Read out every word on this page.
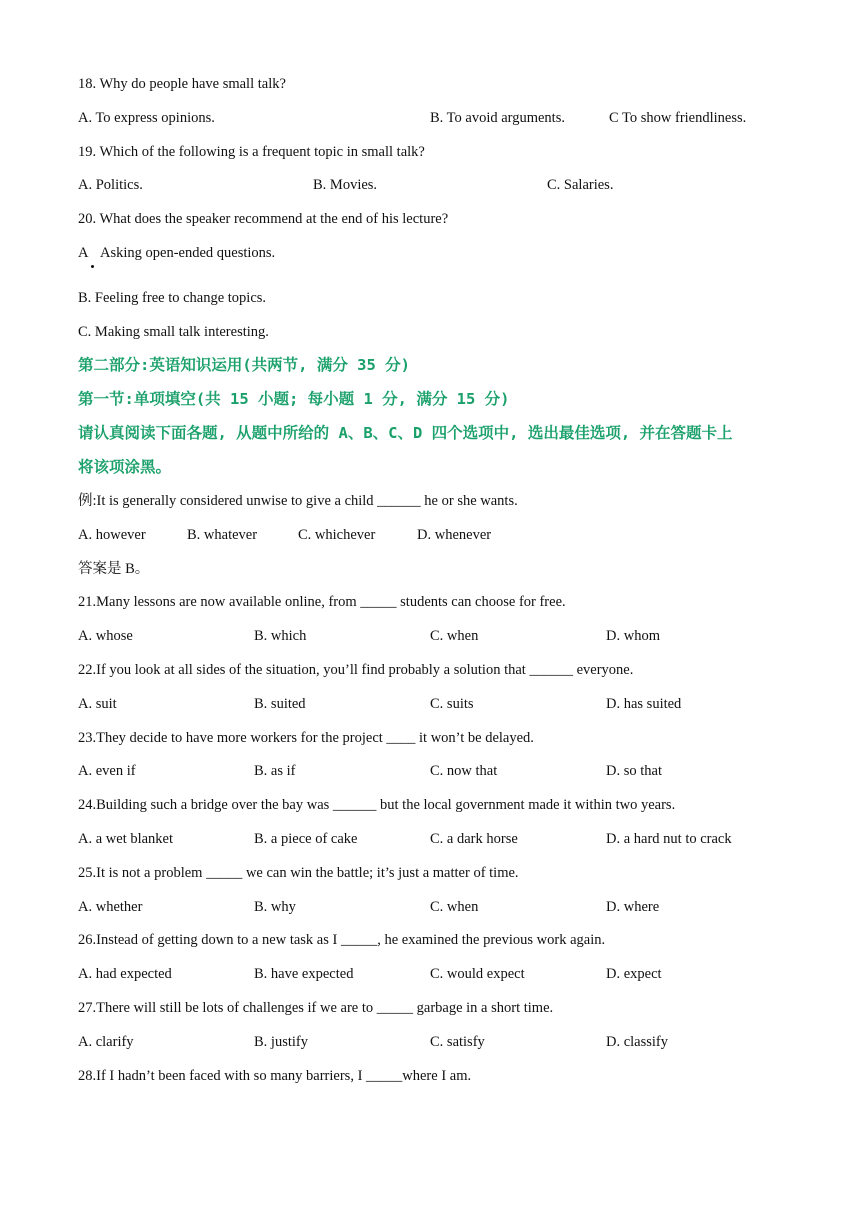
18. Why do people have small talk?
A. To express opinions.	B. To avoid arguments.	C To show friendliness.
19. Which of the following is a frequent topic in small talk?
A. Politics.	B. Movies.	C. Salaries.
20. What does the speaker recommend at the end of his lecture?
A Asking open-ended questions.
B. Feeling free to change topics.
C. Making small talk interesting.
第二部分:英语知识运用(共两节, 满分 35 分)
第一节:单项填空(共 15 小题; 每小题 1 分, 满分 15 分)
请认真阅读下面各题, 从题中所给的 A、B、C、D 四个选项中, 选出最佳选项, 并在答题卡上
将该项涂黑。
例:It is generally considered unwise to give a child ______ he or she wants.
A. however	B. whatever	C. whichever	D. whenever
答案是 B。
21.Many lessons are now available online, from _____ students can choose for free.
A. whose	B. which	C. when	D. whom
22.If you look at all sides of the situation, you’ll find probably a solution that ______ everyone.
A. suit	B. suited	C. suits	D. has suited
23.They decide to have more workers for the project ____ it won’t be delayed.
A. even if	B. as if	C. now that	D. so that
24.Building such a bridge over the bay was ______ but the local government made it within two years.
A. a wet blanket	B. a piece of cake	C. a dark horse	D. a hard nut to crack
25.It is not a problem _____ we can win the battle; it’s just a matter of time.
A. whether	B. why	C. when	D. where
26.Instead of getting down to a new task as I _____, he examined the previous work again.
A. had expected	B. have expected	C. would expect	D. expect
27.There will still be lots of challenges if we are to _____ garbage in a short time.
A. clarify	B. justify	C. satisfy	D. classify
28.If I hadn’t been faced with so many barriers, I _____where I am.
